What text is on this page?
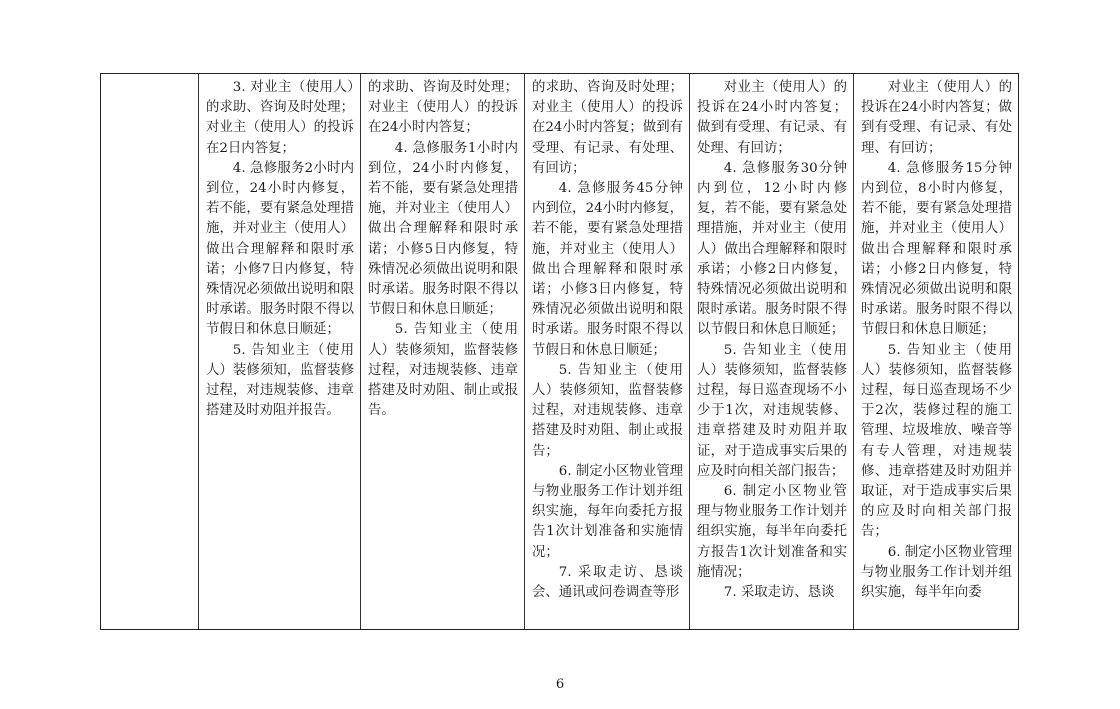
3. 对业主（使用人）的求助、咨询及时处理；对业主（使用人）的投诉在2日内答复；

4. 急修服务2小时内到位，24小时内修复，若不能，要有紧急处理措施，并对业主（使用人）做出合理解释和限时承诺；小修7日内修复，特殊情况必须做出说明和限时承诺。服务时限不得以节假日和休息日顺延；

5. 告知业主（使用人）装修须知，监督装修过程，对违规装修、违章搭建及时劝阻并报告。

的求助、咨询及时处理；对业主（使用人）的投诉在24小时内答复；

4. 急修服务1小时内到位，24小时内修复，若不能，要有紧急处理措施，并对业主（使用人）做出合理解释和限时承诺；小修5日内修复，特殊情况必须做出说明和限时承诺。服务时限不得以节假日和休息日顺延；

5. 告知业主（使用人）装修须知，监督装修过程，对违规装修、违章搭建及时劝阻、制止或报告。

的求助、咨询及时处理；对业主（使用人）的投诉在24小时内答复；做到有受理、有记录、有处理、有回访；

4. 急修服务45分钟内到位，24小时内修复，若不能，要有紧急处理措施，并对业主（使用人）做出合理解释和限时承诺；小修3日内修复，特殊情况必须做出说明和限时承诺。服务时限不得以节假日和休息日顺延；

5. 告知业主（使用人）装修须知，监督装修过程，对违规装修、违章搭建及时劝阻、制止或报告；

6. 制定小区物业管理与物业服务工作计划并组织实施，每年向委托方报告1次计划准备和实施情况；

7. 采取走访、恳谈会、通讯或问卷调查等形

对业主（使用人）的投诉在24小时内答复；做到有受理、有记录、有处理、有回访；

4. 急修服务30分钟内到位，12小时内修复，若不能，要有紧急处理措施，并对业主（使用人）做出合理解释和限时承诺；小修2日内修复，特殊情况必须做出说明和限时承诺。服务时限不得以节假日和休息日顺延；

5. 告知业主（使用人）装修须知，监督装修过程，每日巡查现场不小少于1次，对违规装修、违章搭建及时劝阻并取证，对于造成事实后果的应及时向相关部门报告；

6. 制定小区物业管理与物业服务工作计划并组织实施，每半年向委托方报告1次计划准备和实施情况；

7. 采取走访、恳谈

对业主（使用人）的投诉在24小时内答复；做到有受理、有记录、有处理、有回访；

4. 急修服务15分钟内到位，8小时内修复，若不能，要有紧急处理措施，并对业主（使用人）做出合理解释和限时承诺；小修2日内修复，特殊情况必须做出说明和限时承诺。服务时限不得以节假日和休息日顺延；

5. 告知业主（使用人）装修须知，监督装修过程，每日巡查现场不少于2次，装修过程的施工管理、垃圾堆放、噪音等有专人管理，对违规装修、违章搭建及时劝阻并取证，对于造成事实后果的应及时向相关部门报告；

6. 制定小区物业管理与物业服务工作计划并组织实施，每半年向委

6
